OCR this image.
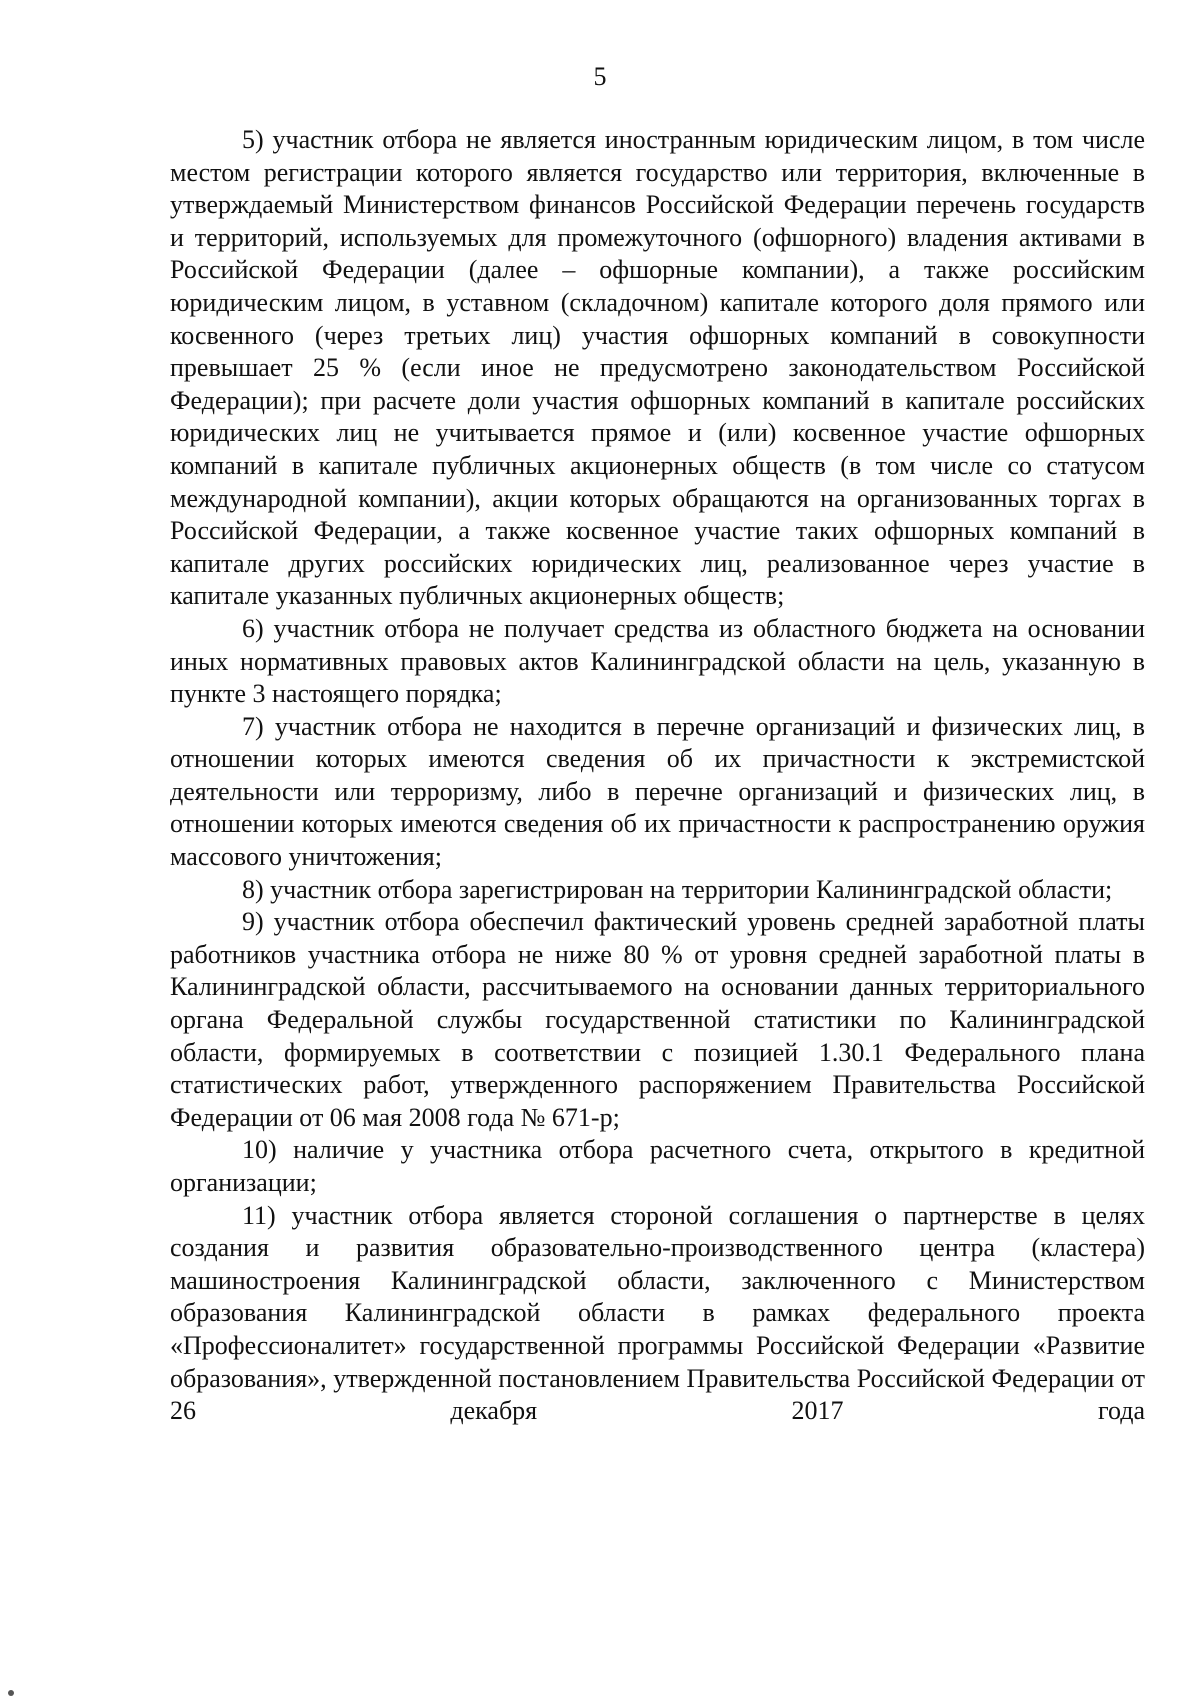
5

5) участник отбора не является иностранным юридическим лицом, в том числе местом регистрации которого является государство или территория, включенные в утверждаемый Министерством финансов Российской Федерации перечень государств и территорий, используемых для промежуточного (офшорного) владения активами в Российской Федерации (далее – офшорные компании), а также российским юридическим лицом, в уставном (складочном) капитале которого доля прямого или косвенного (через третьих лиц) участия офшорных компаний в совокупности превышает 25 % (если иное не предусмотрено законодательством Российской Федерации); при расчете доли участия офшорных компаний в капитале российских юридических лиц не учитывается прямое и (или) косвенное участие офшорных компаний в капитале публичных акционерных обществ (в том числе со статусом международной компании), акции которых обращаются на организованных торгах в Российской Федерации, а также косвенное участие таких офшорных компаний в капитале других российских юридических лиц, реализованное через участие в капитале указанных публичных акционерных обществ;

6) участник отбора не получает средства из областного бюджета на основании иных нормативных правовых актов Калининградской области на цель, указанную в пункте 3 настоящего порядка;

7) участник отбора не находится в перечне организаций и физических лиц, в отношении которых имеются сведения об их причастности к экстремистской деятельности или терроризму, либо в перечне организаций и физических лиц, в отношении которых имеются сведения об их причастности к распространению оружия массового уничтожения;

8) участник отбора зарегистрирован на территории Калининградской области;

9) участник отбора обеспечил фактический уровень средней заработной платы работников участника отбора не ниже 80 % от уровня средней заработной платы в Калининградской области, рассчитываемого на основании данных территориального органа Федеральной службы государственной статистики по Калининградской области, формируемых в соответствии с позицией 1.30.1 Федерального плана статистических работ, утвержденного распоряжением Правительства Российской Федерации от 06 мая 2008 года № 671-р;

10) наличие у участника отбора расчетного счета, открытого в кредитной организации;

11) участник отбора является стороной соглашения о партнерстве в целях создания и развития образовательно-производственного центра (кластера) машиностроения Калининградской области, заключенного с Министерством образования Калининградской области в рамках федерального проекта «Профессионалитет» государственной программы Российской Федерации «Развитие образования», утвержденной постановлением Правительства Российской Федерации от 26 декабря 2017 года
